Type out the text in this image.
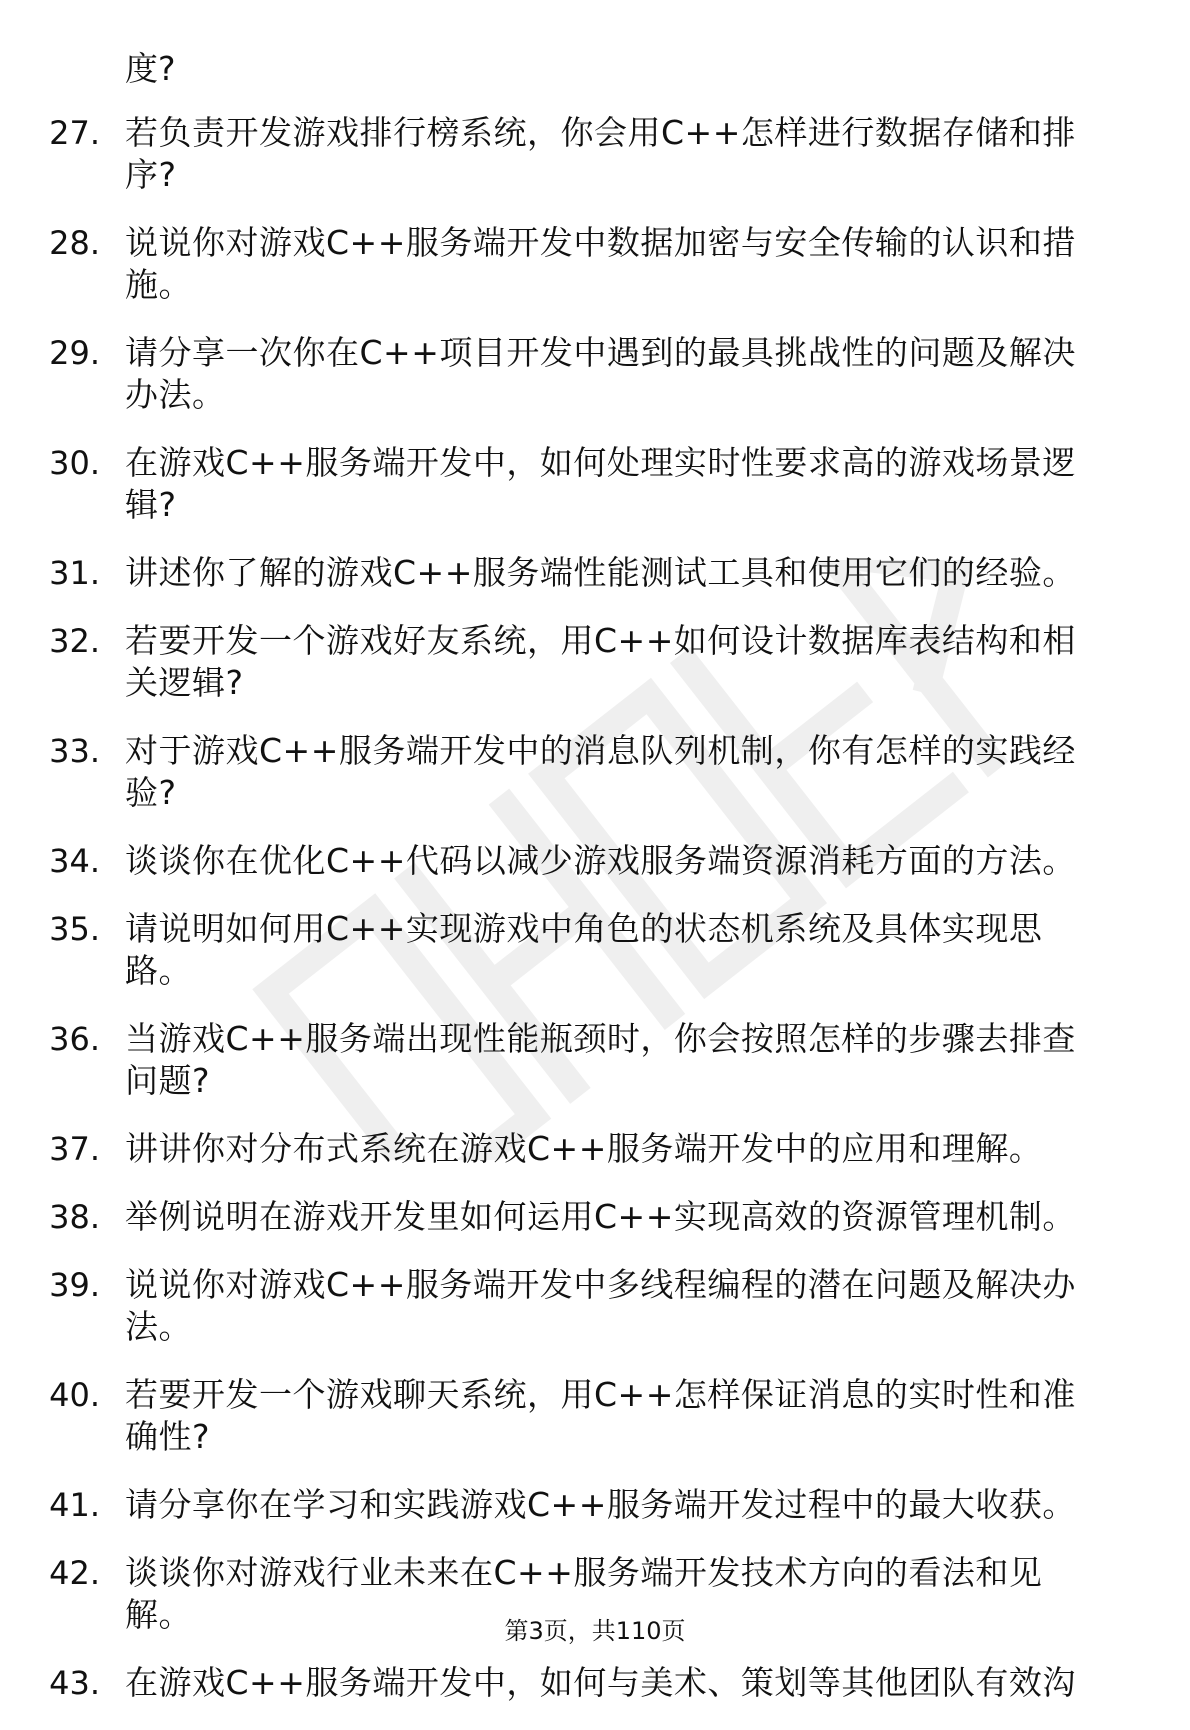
度?

27. 若负责开发游戏排行榜系统，你会用C++怎样进行数据存储和排序?
28. 说说你对游戏C++服务端开发中数据加密与安全传输的认识和措施。
29. 请分享一次你在C++项目开发中遇到的最具挑战性的问题及解决办法。
30. 在游戏C++服务端开发中，如何处理实时性要求高的游戏场景逻辑?
31. 讲述你了解的游戏C++服务端性能测试工具和使用它们的经验。
32. 若要开发一个游戏好友系统，用C++如何设计数据库表结构和相关逻辑?
33. 对于游戏C++服务端开发中的消息队列机制，你有怎样的实践经验?
34. 谈谈你在优化C++代码以减少游戏服务端资源消耗方面的方法。
35. 请说明如何用C++实现游戏中角色的状态机系统及具体实现思路。
36. 当游戏C++服务端出现性能瓶颈时，你会按照怎样的步骤去排查问题?
37. 讲讲你对分布式系统在游戏C++服务端开发中的应用和理解。
38. 举例说明在游戏开发里如何运用C++实现高效的资源管理机制。
39. 说说你对游戏C++服务端开发中多线程编程的潜在问题及解决办法。
40. 若要开发一个游戏聊天系统，用C++怎样保证消息的实时性和准确性?
41. 请分享你在学习和实践游戏C++服务端开发过程中的最大收获。
42. 谈谈你对游戏行业未来在C++服务端开发技术方向的看法和见解。
43. 在游戏C++服务端开发中，如何与美术、策划等其他团队有效沟
第3页，共110页
